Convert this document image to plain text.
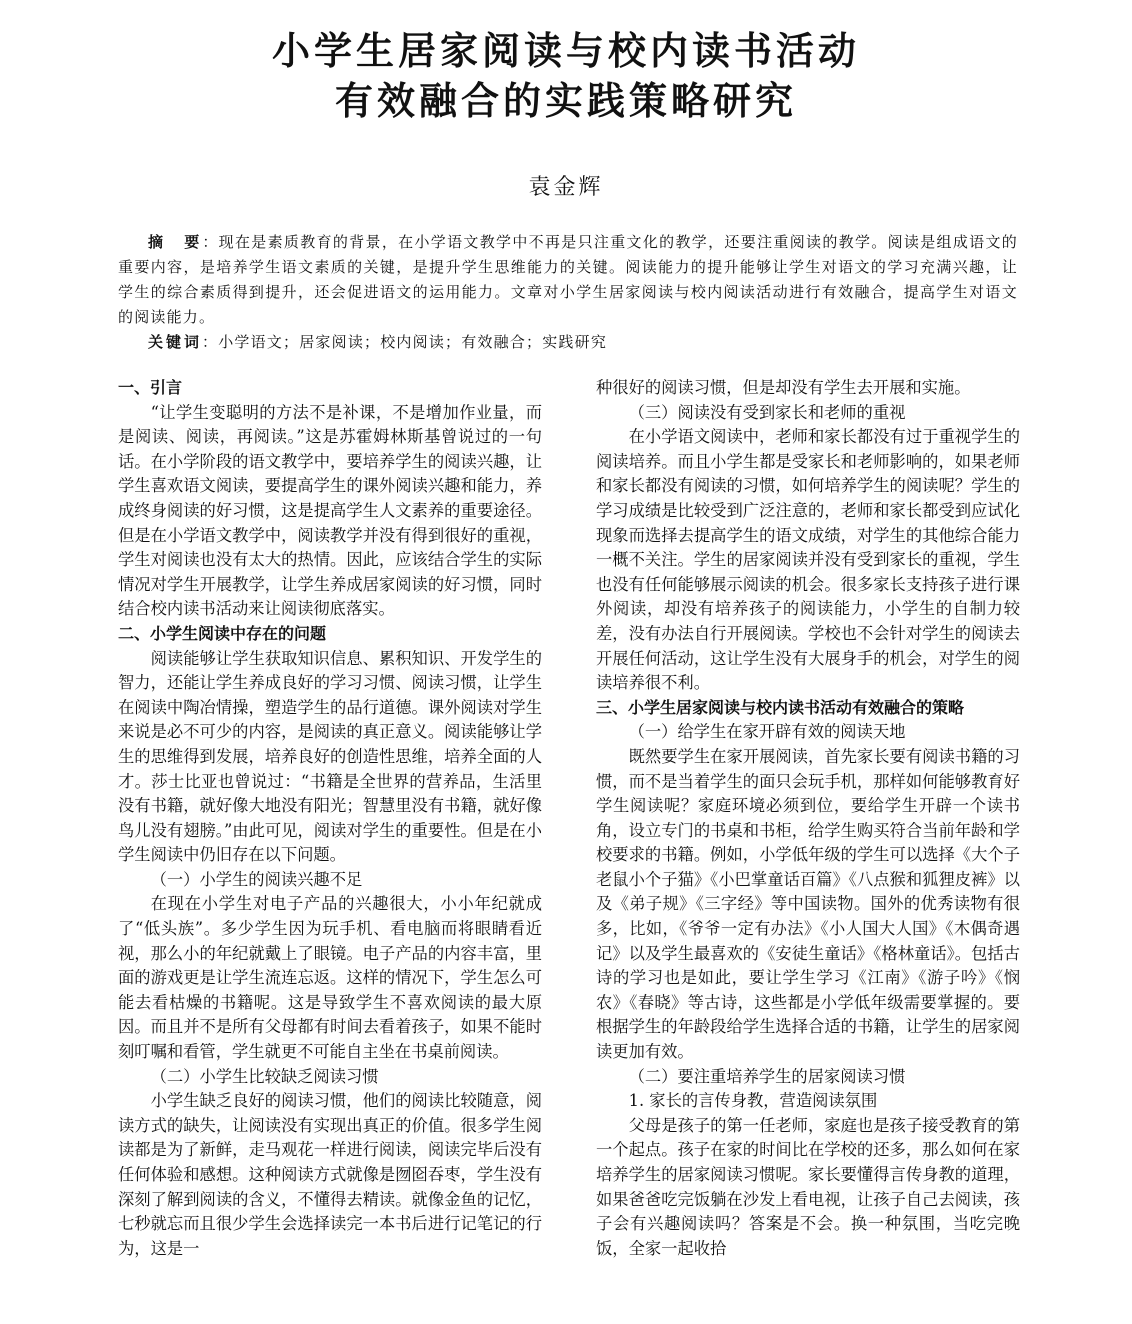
小学生居家阅读与校内读书活动
有效融合的实践策略研究
袁金辉

摘　要：现在是素质教育的背景，在小学语文教学中不再是只注重文化的教学，还要注重阅读的教学。阅读是组成语文的重要内容，是培养学生语文素质的关键，是提升学生思维能力的关键。阅读能力的提升能够让学生对语文的学习充满兴趣，让学生的综合素质得到提升，还会促进语文的运用能力。文章对小学生居家阅读与校内阅读活动进行有效融合，提高学生对语文的阅读能力。

关键词：小学语文；居家阅读；校内阅读；有效融合；实践研究

一、引言

“让学生变聪明的方法不是补课，不是增加作业量，而是阅读、阅读，再阅读。”这是苏霍姆林斯基曾说过的一句话。在小学阶段的语文教学中，要培养学生的阅读兴趣，让学生喜欢语文阅读，要提高学生的课外阅读兴趣和能力，养成终身阅读的好习惯，这是提高学生人文素养的重要途径。但是在小学语文教学中，阅读教学并没有得到很好的重视，学生对阅读也没有太大的热情。因此，应该结合学生的实际情况对学生开展教学，让学生养成居家阅读的好习惯，同时结合校内读书活动来让阅读彻底落实。

二、小学生阅读中存在的问题

阅读能够让学生获取知识信息、累积知识、开发学生的智力，还能让学生养成良好的学习习惯、阅读习惯，让学生在阅读中陶冶情操，塑造学生的品行道德。课外阅读对学生来说是必不可少的内容，是阅读的真正意义。阅读能够让学生的思维得到发展，培养良好的创造性思维，培养全面的人才。莎士比亚也曾说过：“书籍是全世界的营养品，生活里没有书籍，就好像大地没有阳光；智慧里没有书籍，就好像鸟儿没有翅膀。”由此可见，阅读对学生的重要性。但是在小学生阅读中仍旧存在以下问题。

（一）小学生的阅读兴趣不足

在现在小学生对电子产品的兴趣很大，小小年纪就成了“低头族”。多少学生因为玩手机、看电脑而将眼睛看近视，那么小的年纪就戴上了眼镜。电子产品的内容丰富，里面的游戏更是让学生流连忘返。这样的情况下，学生怎么可能去看枯燥的书籍呢。这是导致学生不喜欢阅读的最大原因。而且并不是所有父母都有时间去看着孩子，如果不能时刻叮嘱和看管，学生就更不可能自主坐在书桌前阅读。

（二）小学生比较缺乏阅读习惯

小学生缺乏良好的阅读习惯，他们的阅读比较随意，阅读方式的缺失，让阅读没有实现出真正的价值。很多学生阅读都是为了新鲜，走马观花一样进行阅读，阅读完毕后没有任何体验和感想。这种阅读方式就像是囫囵吞枣，学生没有深刻了解到阅读的含义，不懂得去精读。就像金鱼的记忆，七秒就忘而且很少学生会选择读完一本书后进行记笔记的行为，这是一

种很好的阅读习惯，但是却没有学生去开展和实施。

（三）阅读没有受到家长和老师的重视

在小学语文阅读中，老师和家长都没有过于重视学生的阅读培养。而且小学生都是受家长和老师影响的，如果老师和家长都没有阅读的习惯，如何培养学生的阅读呢？学生的学习成绩是比较受到广泛注意的，老师和家长都受到应试化现象而选择去提高学生的语文成绩，对学生的其他综合能力一概不关注。学生的居家阅读并没有受到家长的重视，学生也没有任何能够展示阅读的机会。很多家长支持孩子进行课外阅读，却没有培养孩子的阅读能力，小学生的自制力较差，没有办法自行开展阅读。学校也不会针对学生的阅读去开展任何活动，这让学生没有大展身手的机会，对学生的阅读培养很不利。

三、小学生居家阅读与校内读书活动有效融合的策略

（一）给学生在家开辟有效的阅读天地

既然要学生在家开展阅读，首先家长要有阅读书籍的习惯，而不是当着学生的面只会玩手机，那样如何能够教育好学生阅读呢？家庭环境必须到位，要给学生开辟一个读书角，设立专门的书桌和书柜，给学生购买符合当前年龄和学校要求的书籍。例如，小学低年级的学生可以选择《大个子老鼠小个子猫》《小巴掌童话百篇》《八点猴和狐狸皮裤》以及《弟子规》《三字经》等中国读物。国外的优秀读物有很多，比如，《爷爷一定有办法》《小人国大人国》《木偶奇遇记》以及学生最喜欢的《安徒生童话》《格林童话》。包括古诗的学习也是如此，要让学生学习《江南》《游子吟》《悯农》《春晓》等古诗，这些都是小学低年级需要掌握的。要根据学生的年龄段给学生选择合适的书籍，让学生的居家阅读更加有效。

（二）要注重培养学生的居家阅读习惯

1. 家长的言传身教，营造阅读氛围

父母是孩子的第一任老师，家庭也是孩子接受教育的第一个起点。孩子在家的时间比在学校的还多，那么如何在家培养学生的居家阅读习惯呢。家长要懂得言传身教的道理，如果爸爸吃完饭躺在沙发上看电视，让孩子自己去阅读，孩子会有兴趣阅读吗？答案是不会。换一种氛围，当吃完晚饭，全家一起收拾
